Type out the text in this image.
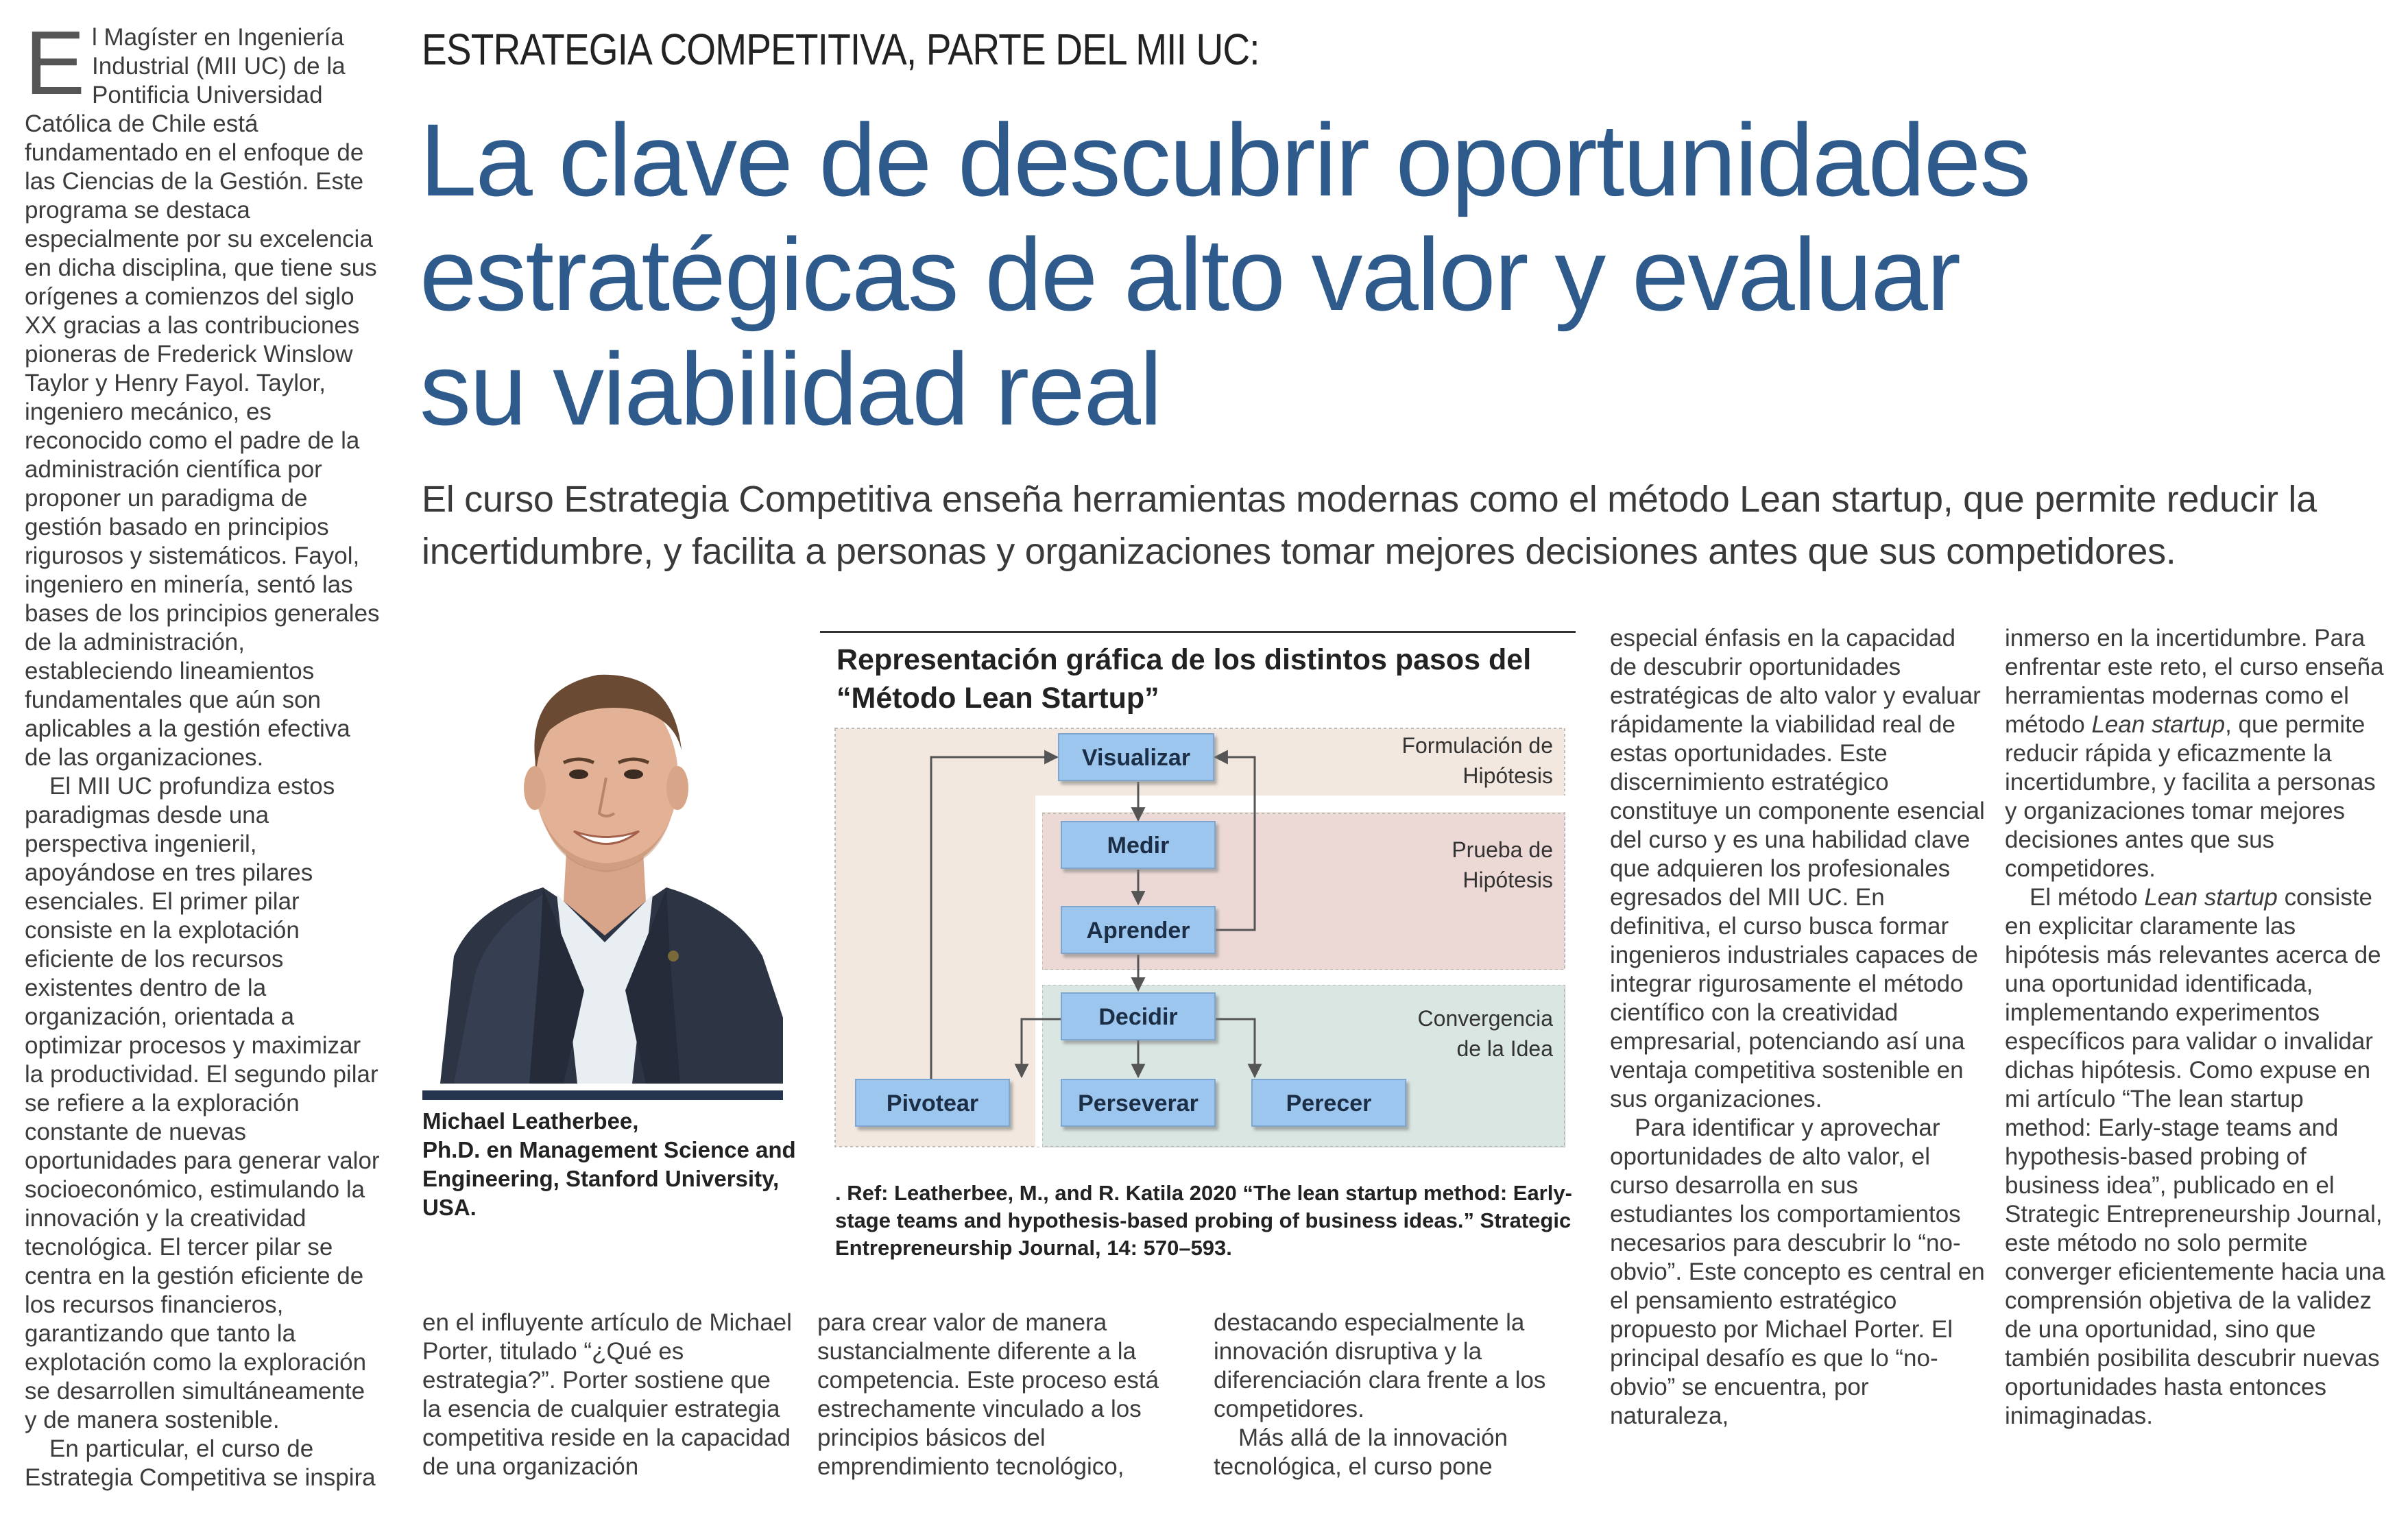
ESTRATEGIA COMPETITIVA, PARTE DEL MII UC:
La clave de descubrir oportunidades estratégicas de alto valor y evaluar su viabilidad real
El curso Estrategia Competitiva enseña herramientas modernas como el método Lean startup, que permite reducir la incertidumbre, y facilita a personas y organizaciones tomar mejores decisiones antes que sus competidores.

E l Magíster en Ingeniería Industrial (MII UC) de la Pontificia Universidad Católica de Chile está fundamentado en el enfoque de las Ciencias de la Gestión. Este programa se destaca especialmente por su excelencia en dicha disciplina, que tiene sus orígenes a comienzos del siglo XX gracias a las contribuciones pioneras de Frederick Winslow Taylor y Henry Fayol. Taylor, ingeniero mecánico, es reconocido como el padre de la administración científica por proponer un paradigma de gestión basado en principios rigurosos y sistemáticos. Fayol, ingeniero en minería, sentó las bases de los principios generales de la administración, estableciendo lineamientos fundamentales que aún son aplicables a la gestión efectiva de las organizaciones.

El MII UC profundiza estos paradigmas desde una perspectiva ingenieril, apoyándose en tres pilares esenciales. El primer pilar consiste en la explotación eficiente de los recursos existentes dentro de la organización, orientada a optimizar procesos y maximizar la productividad. El segundo pilar se refiere a la exploración constante de nuevas oportunidades para generar valor socioeconómico, estimulando la innovación y la creatividad tecnológica. El tercer pilar se centra en la gestión eficiente de los recursos financieros, garantizando que tanto la explotación como la exploración se desarrollen simultáneamente y de manera sostenible.

En particular, el curso de Estrategia Competitiva se inspira

Michael Leatherbee,
Ph.D. en Management Science and Engineering, Stanford University, USA.
Representación gráfica de los distintos pasos del “Método Lean Startup”
Formulación de
Hipótesis
Prueba de
Hipótesis
Convergencia
de la Idea
Visualizar
Medir
Aprender
Decidir
Pivotear	Perseverar	Perecer
. Ref: Leatherbee, M., and R. Katila 2020 “The lean startup method: Early-stage teams and hypothesis-based probing of business ideas.” Strategic Entrepreneurship Journal, 14: 570–593.

en el influyente artículo de Michael Porter, titulado “¿Qué es estrategia?”. Porter sostiene que la esencia de cualquier estrategia competitiva reside en la capacidad de una organización

para crear valor de manera sustancialmente diferente a la competencia. Este proceso está estrechamente vinculado a los principios básicos del emprendimiento tecnológico,

destacando especialmente la innovación disruptiva y la diferenciación clara frente a los competidores.

Más allá de la innovación tecnológica, el curso pone

especial énfasis en la capacidad de descubrir oportunidades estratégicas de alto valor y evaluar rápidamente la viabilidad real de estas oportunidades. Este discernimiento estratégico constituye un componente esencial del curso y es una habilidad clave que adquieren los profesionales egresados del MII UC. En definitiva, el curso busca formar ingenieros industriales capaces de integrar rigurosamente el método científico con la creatividad empresarial, potenciando así una ventaja competitiva sostenible en sus organizaciones.

Para identificar y aprovechar oportunidades de alto valor, el curso desarrolla en sus estudiantes los comportamientos necesarios para descubrir lo “no-obvio”. Este concepto es central en el pensamiento estratégico propuesto por Michael Porter. El principal desafío es que lo “no-obvio” se encuentra, por naturaleza,

inmerso en la incertidumbre. Para enfrentar este reto, el curso enseña herramientas modernas como el método Lean startup, que permite reducir rápida y eficazmente la incertidumbre, y facilita a personas y organizaciones tomar mejores decisiones antes que sus competidores.

El método Lean startup consiste en explicitar claramente las hipótesis más relevantes acerca de una oportunidad identificada, implementando experimentos específicos para validar o invalidar dichas hipótesis. Como expuse en mi artículo “The lean startup method: Early-stage teams and hypothesis-based probing of business idea”, publicado en el Strategic Entrepreneurship Journal, este método no solo permite converger eficientemente hacia una comprensión objetiva de la validez de una oportunidad, sino que también posibilita descubrir nuevas oportunidades hasta entonces inimaginadas.
